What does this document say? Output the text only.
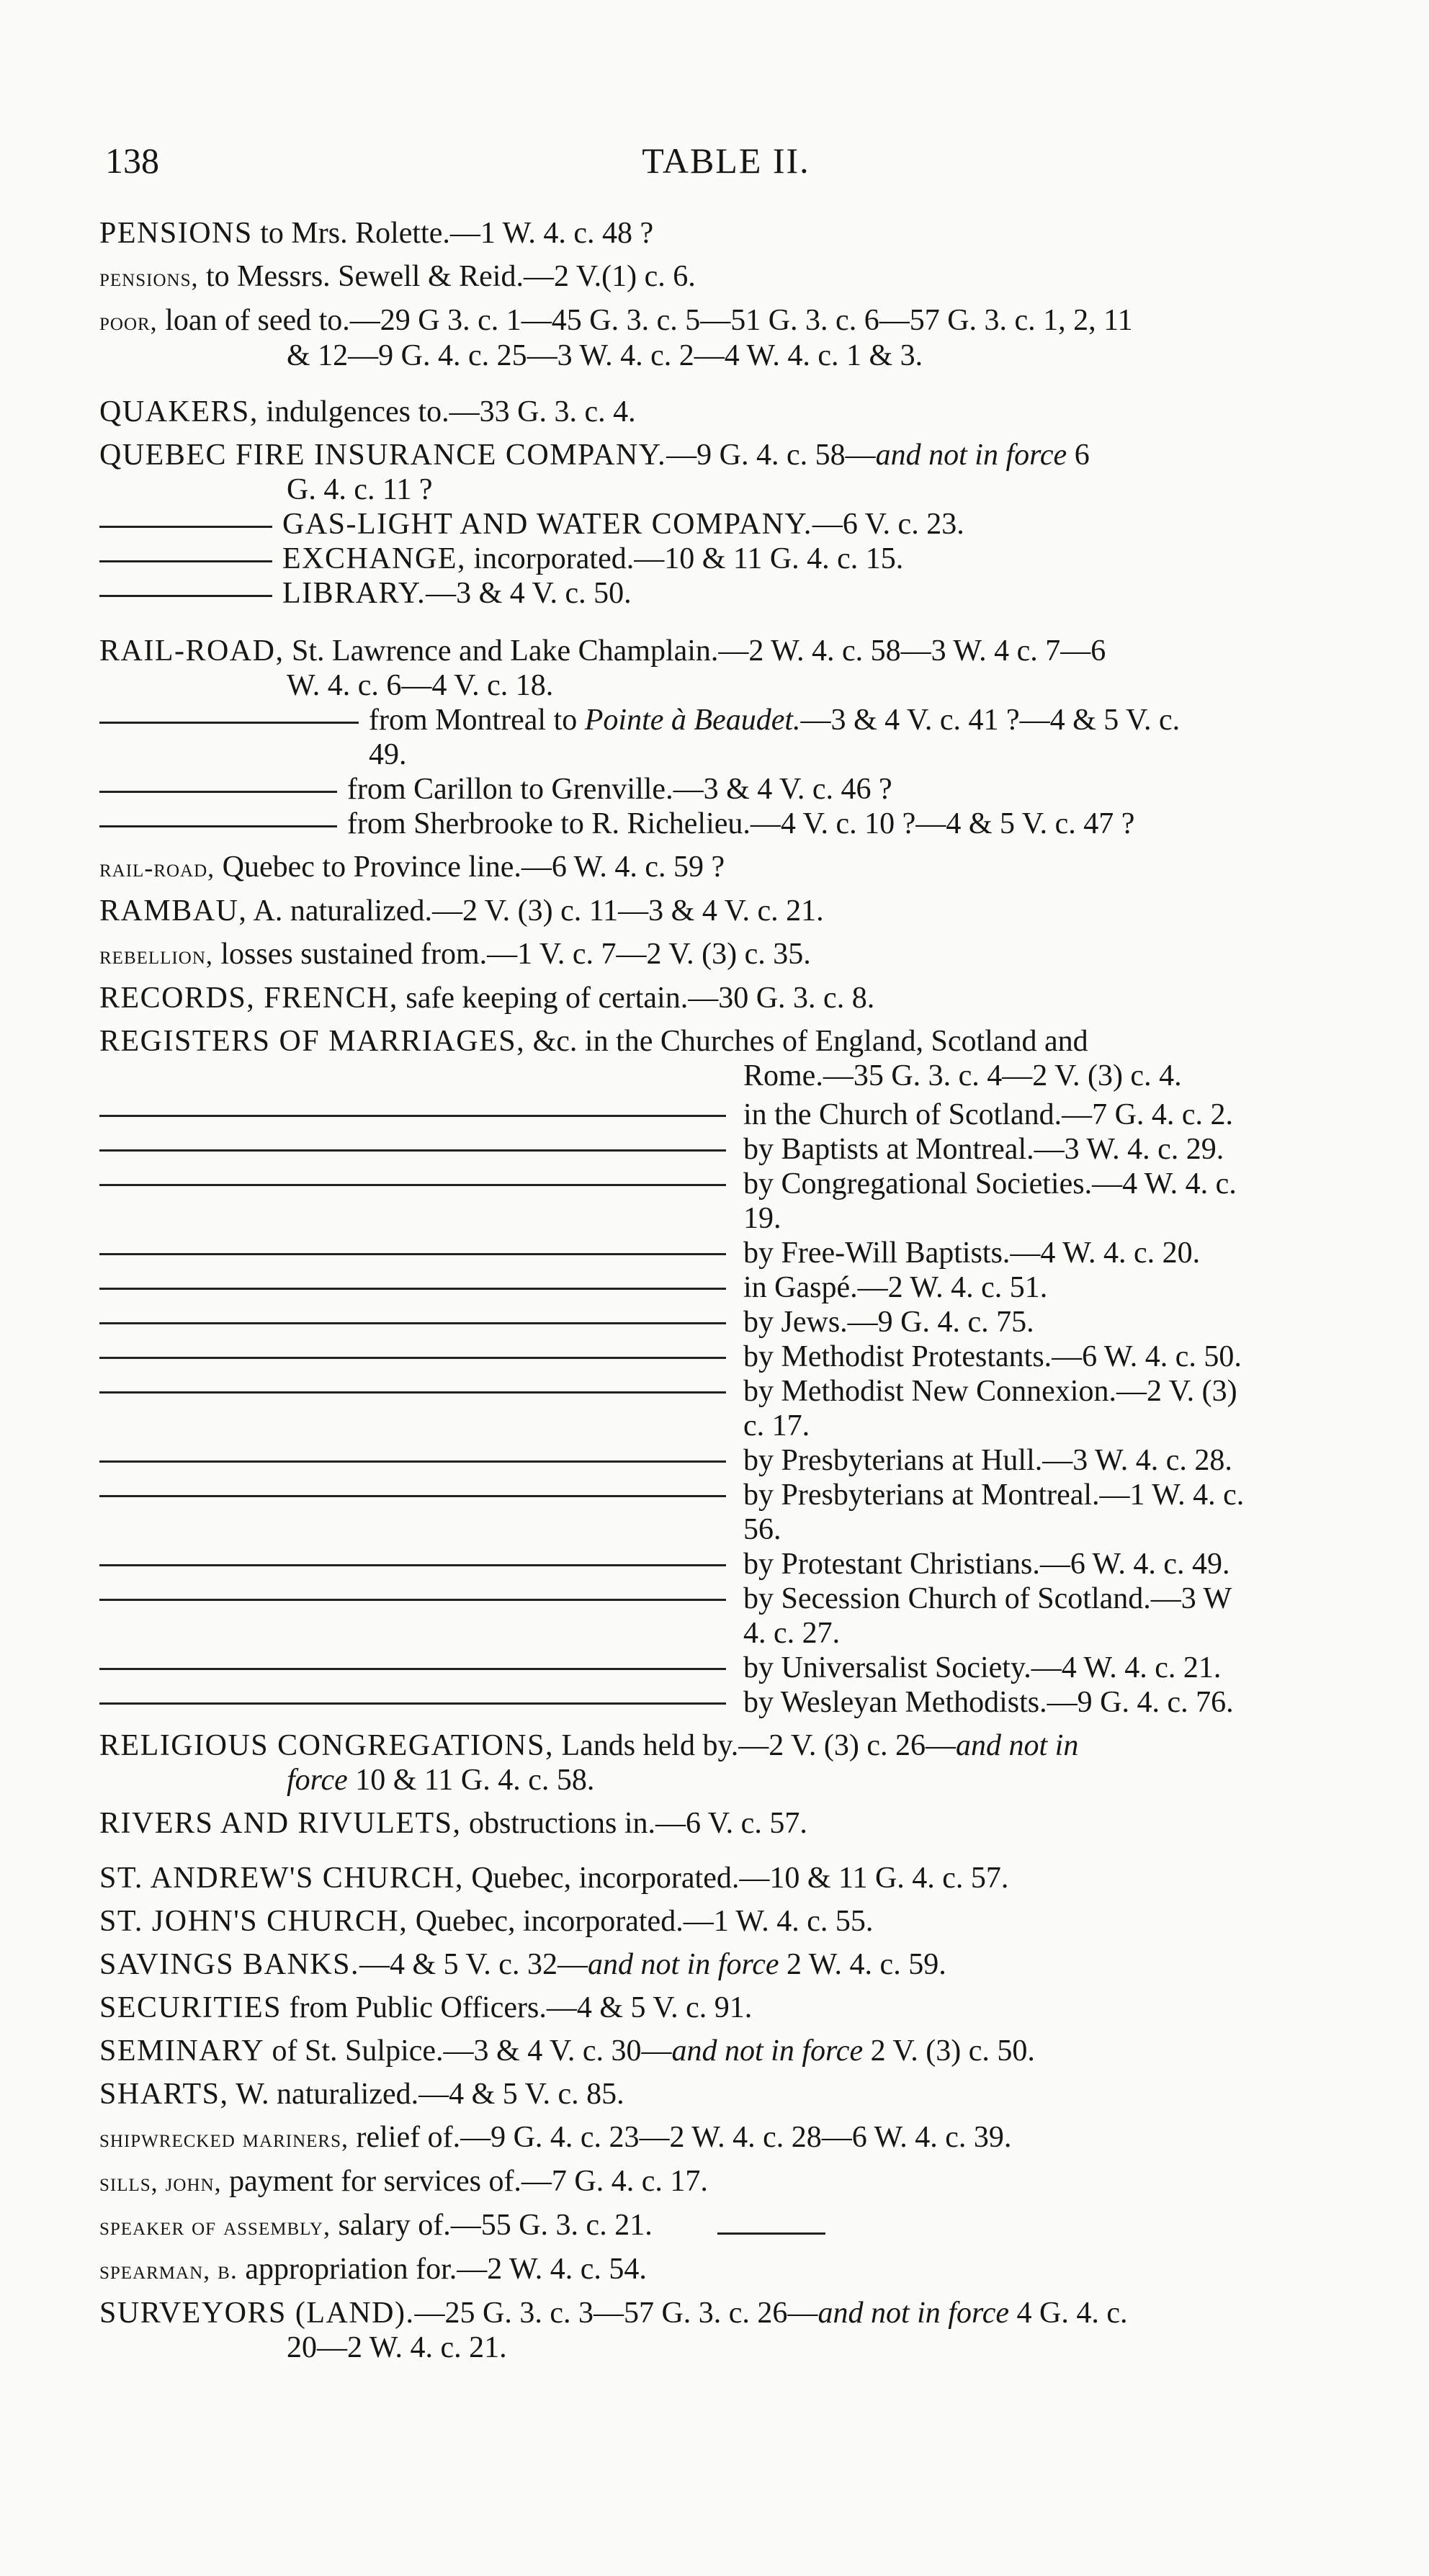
138	TABLE II.
PENSIONS to Mrs. Rolette.—1 W. 4. c. 48 ?
pensions, to Messrs. Sewell & Reid.—2 V.(1) c. 6.
poor, loan of seed to.—29 G 3. c. 1—45 G. 3. c. 5—51 G. 3. c. 6—57 G. 3. c. 1, 2, 11
& 12—9 G. 4. c. 25—3 W. 4. c. 2—4 W. 4. c. 1 & 3.
QUAKERS, indulgences to.—33 G. 3. c. 4.
QUEBEC FIRE INSURANCE COMPANY.—9 G. 4. c. 58—and not in force 6
G. 4. c. 11 ?
GAS-LIGHT AND WATER COMPANY.—6 V. c. 23.
EXCHANGE, incorporated.—10 & 11 G. 4. c. 15.
LIBRARY.—3 & 4 V. c. 50.
RAIL-ROAD, St. Lawrence and Lake Champlain.—2 W. 4. c. 58—3 W. 4 c. 7—6
W. 4. c. 6—4 V. c. 18.
from Montreal to Pointe à Beaudet.—3 & 4 V. c. 41 ?—4 & 5 V. c.
49.
from Carillon to Grenville.—3 & 4 V. c. 46 ?
from Sherbrooke to R. Richelieu.—4 V. c. 10 ?—4 & 5 V. c. 47 ?
rail-road, Quebec to Province line.—6 W. 4. c. 59 ?
RAMBAU, A. naturalized.—2 V. (3) c. 11—3 & 4 V. c. 21.
rebellion, losses sustained from.—1 V. c. 7—2 V. (3) c. 35.
RECORDS, FRENCH, safe keeping of certain.—30 G. 3. c. 8.
REGISTERS OF MARRIAGES, &c. in the Churches of England, Scotland and
Rome.—35 G. 3. c. 4—2 V. (3) c. 4.
in the Church of Scotland.—7 G. 4. c. 2.
by Baptists at Montreal.—3 W. 4. c. 29.
by Congregational Societies.—4 W. 4. c.
19.
by Free-Will Baptists.—4 W. 4. c. 20.
in Gaspé.—2 W. 4. c. 51.
by Jews.—9 G. 4. c. 75.
by Methodist Protestants.—6 W. 4. c. 50.
by Methodist New Connexion.—2 V. (3)
c. 17.
by Presbyterians at Hull.—3 W. 4. c. 28.
by Presbyterians at Montreal.—1 W. 4. c.
56.
by Protestant Christians.—6 W. 4. c. 49.
by Secession Church of Scotland.—3 W
4. c. 27.
by Universalist Society.—4 W. 4. c. 21.
by Wesleyan Methodists.—9 G. 4. c. 76.
RELIGIOUS CONGREGATIONS, Lands held by.—2 V. (3) c. 26—and not in
force 10 & 11 G. 4. c. 58.
RIVERS AND RIVULETS, obstructions in.—6 V. c. 57.
ST. ANDREW'S CHURCH, Quebec, incorporated.—10 & 11 G. 4. c. 57.
ST. JOHN'S CHURCH, Quebec, incorporated.—1 W. 4. c. 55.
SAVINGS BANKS.—4 & 5 V. c. 32—and not in force 2 W. 4. c. 59.
SECURITIES from Public Officers.—4 & 5 V. c. 91.
SEMINARY of St. Sulpice.—3 & 4 V. c. 30—and not in force 2 V. (3) c. 50.
SHARTS, W. naturalized.—4 & 5 V. c. 85.
shipwrecked mariners, relief of.—9 G. 4. c. 23—2 W. 4. c. 28—6 W. 4. c. 39.
sills, john, payment for services of.—7 G. 4. c. 17.
speaker of assembly, salary of.—55 G. 3. c. 21.
spearman, b. appropriation for.—2 W. 4. c. 54.
SURVEYORS (LAND).—25 G. 3. c. 3—57 G. 3. c. 26—and not in force 4 G. 4. c.
20—2 W. 4. c. 21.
